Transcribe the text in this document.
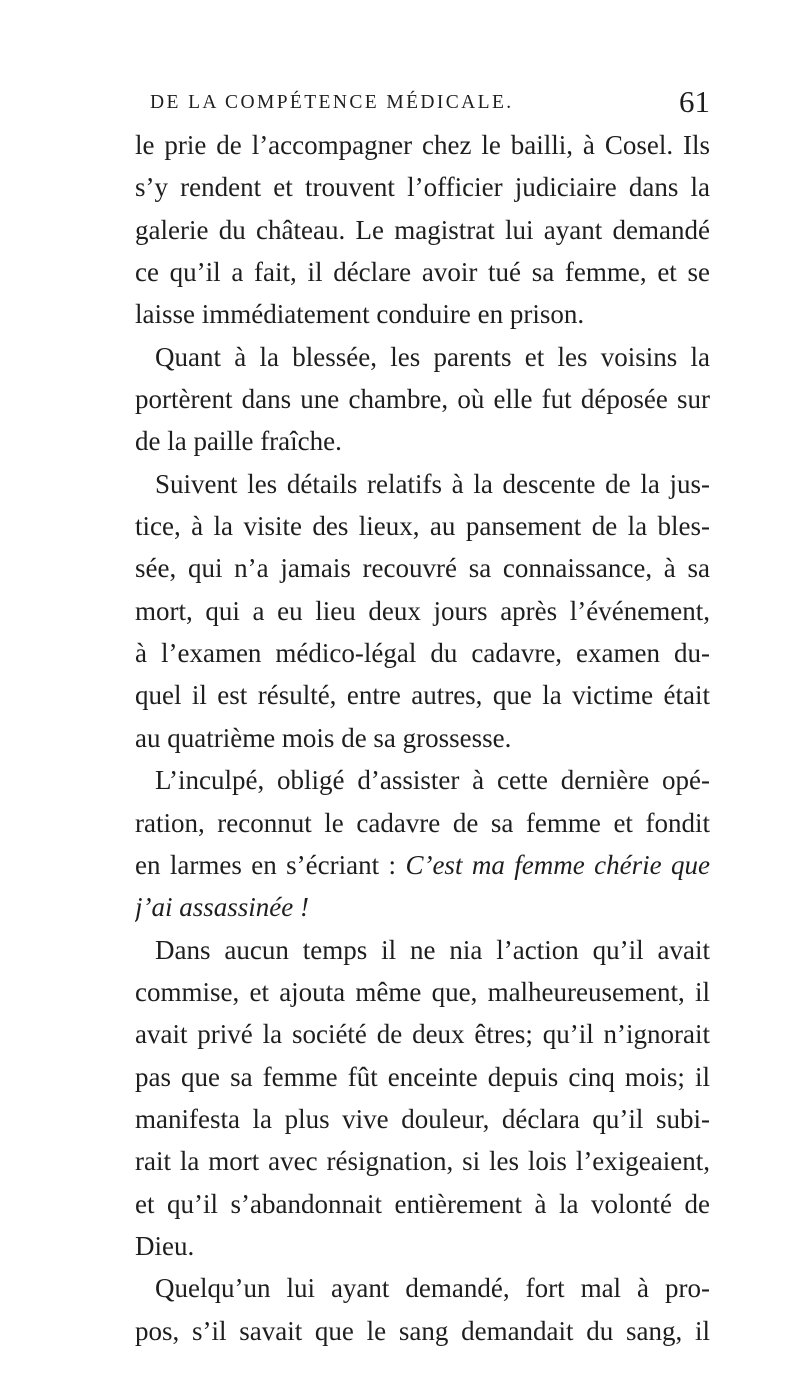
DE LA COMPÉTENCE MÉDICALE.	61
le prie de l’accompagner chez le bailli, à Cosel. Ils
s’y rendent et trouvent l’officier judiciaire dans la
galerie du château. Le magistrat lui ayant demandé
ce qu’il a fait, il déclare avoir tué sa femme, et se
laisse immédiatement conduire en prison.
Quant à la blessée, les parents et les voisins la
portèrent dans une chambre, où elle fut déposée sur
de la paille fraîche.
Suivent les détails relatifs à la descente de la jus-
tice, à la visite des lieux, au pansement de la bles-
sée, qui n’a jamais recouvré sa connaissance, à sa
mort, qui a eu lieu deux jours après l’événement,
à l’examen médico-légal du cadavre, examen du-
quel il est résulté, entre autres, que la victime était
au quatrième mois de sa grossesse.
L’inculpé, obligé d’assister à cette dernière opé-
ration, reconnut le cadavre de sa femme et fondit
en larmes en s’écriant : C’est ma femme chérie que
j’ai assassinée !
Dans aucun temps il ne nia l’action qu’il avait
commise, et ajouta même que, malheureusement, il
avait privé la société de deux êtres; qu’il n’ignorait
pas que sa femme fût enceinte depuis cinq mois; il
manifesta la plus vive douleur, déclara qu’il subi-
rait la mort avec résignation, si les lois l’exigeaient,
et qu’il s’abandonnait entièrement à la volonté de
Dieu.
Quelqu’un lui ayant demandé, fort mal à pro-
pos, s’il savait que le sang demandait du sang, il
